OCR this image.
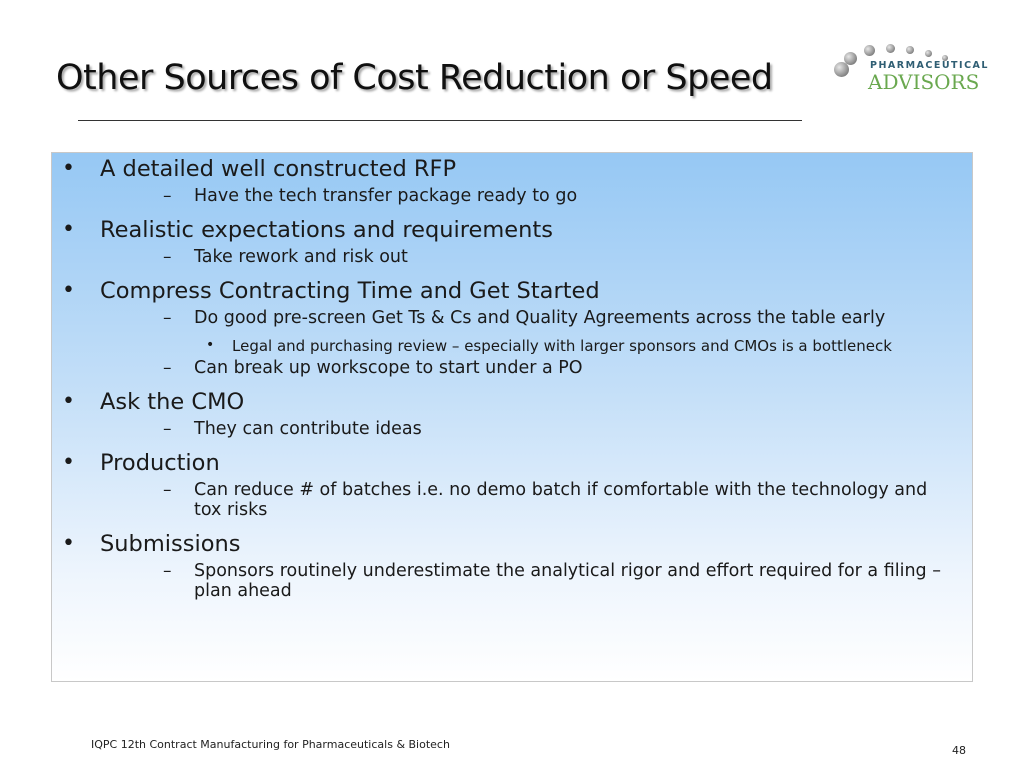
Other Sources of Cost Reduction or Speed	PHARMACEUTICAL
ADVISORS
• A detailed well constructed RFP
– Have the tech transfer package ready to go
• Realistic expectations and requirements
– Take rework and risk out
• Compress Contracting Time and Get Started
– Do good pre-screen Get Ts & Cs and Quality Agreements across the table early
• Legal and purchasing review – especially with larger sponsors and CMOs is a bottleneck
– Can break up workscope to start under a PO
• Ask the CMO
– They can contribute ideas
• Production
– Can reduce # of batches i.e. no demo batch if comfortable with the technology and tox risks
• Submissions
– Sponsors routinely underestimate the analytical rigor and effort required for a filing – plan ahead
IQPC 12th Contract Manufacturing for Pharmaceuticals & Biotech	48
